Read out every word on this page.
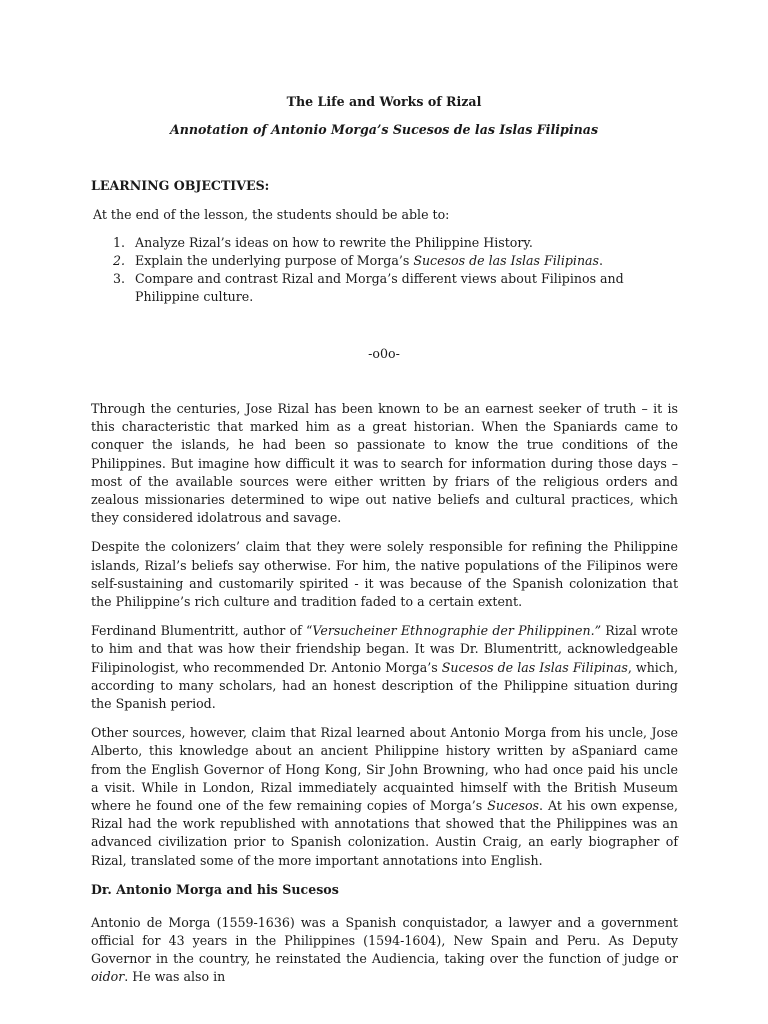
The Life and Works of Rizal
Annotation of Antonio Morga’s Sucesos de las Islas Filipinas
LEARNING OBJECTIVES:
At the end of the lesson, the students should be able to:
1. Analyze Rizal’s ideas on how to rewrite the Philippine History.
2. Explain the underlying purpose of Morga’s Sucesos de las Islas Filipinas.
3. Compare and contrast Rizal and Morga’s different views about Filipinos and Philippine culture.
-o0o-

Through the centuries, Jose Rizal has been known to be an earnest seeker of truth – it is this characteristic that marked him as a great historian. When the Spaniards came to conquer the islands, he had been so passionate to know the true conditions of the Philippines. But imagine how difficult it was to search for information during those days – most of the available sources were either written by friars of the religious orders and zealous missionaries determined to wipe out native beliefs and cultural practices, which they considered idolatrous and savage.

Despite the colonizers’ claim that they were solely responsible for refining the Philippine islands, Rizal’s beliefs say otherwise. For him, the native populations of the Filipinos were self-sustaining and customarily spirited - it was because of the Spanish colonization that the Philippine’s rich culture and tradition faded to a certain extent.

Ferdinand Blumentritt, author of “Versucheiner Ethnographie der Philippinen.” Rizal wrote to him and that was how their friendship began. It was Dr. Blumentritt, acknowledgeable Filipinologist, who recommended Dr. Antonio Morga’s Sucesos de las Islas Filipinas, which, according to many scholars, had an honest description of the Philippine situation during the Spanish period.

Other sources, however, claim that Rizal learned about Antonio Morga from his uncle, Jose Alberto, this knowledge about an ancient Philippine history written by aSpaniard came from the English Governor of Hong Kong, Sir John Browning, who had once paid his uncle a visit. While in London, Rizal immediately acquainted himself with the British Museum where he found one of the few remaining copies of Morga’s Sucesos. At his own expense, Rizal had the work republished with annotations that showed that the Philippines was an advanced civilization prior to Spanish colonization. Austin Craig, an early biographer of Rizal, translated some of the more important annotations into English.

Dr. Antonio Morga and his Sucesos

Antonio de Morga (1559-1636) was a Spanish conquistador, a lawyer and a government official for 43 years in the Philippines (1594-1604), New Spain and Peru. As Deputy Governor in the country, he reinstated the Audiencia, taking over the function of judge or oidor. He was also in
